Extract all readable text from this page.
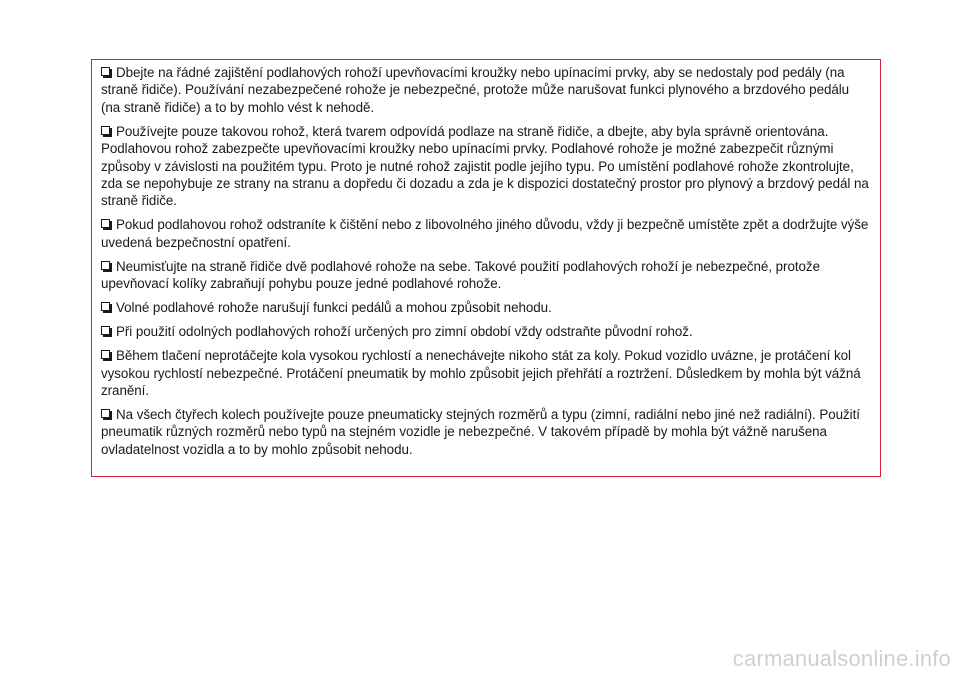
Dbejte na řádné zajištění podlahových rohoží upevňovacími kroužky nebo upínacími prvky, aby se nedostaly pod pedály (na straně řidiče). Používání nezabezpečené rohože je nebezpečné, protože může narušovat funkci plynového a brzdového pedálu (na straně řidiče) a to by mohlo vést k nehodě.

Používejte pouze takovou rohož, která tvarem odpovídá podlaze na straně řidiče, a dbejte, aby byla správně orientována. Podlahovou rohož zabezpečte upevňovacími kroužky nebo upínacími prvky. Podlahové rohože je možné zabezpečit různými způsoby v závislosti na použitém typu. Proto je nutné rohož zajistit podle jejího typu. Po umístění podlahové rohože zkontrolujte, zda se nepohybuje ze strany na stranu a dopředu či dozadu a zda je k dispozici dostatečný prostor pro plynový a brzdový pedál na straně řidiče.

Pokud podlahovou rohož odstraníte k čištění nebo z libovolného jiného důvodu, vždy ji bezpečně umístěte zpět a dodržujte výše uvedená bezpečnostní opatření.

Neumisťujte na straně řidiče dvě podlahové rohože na sebe. Takové použití podlahových rohoží je nebezpečné, protože upevňovací kolíky zabraňují pohybu pouze jedné podlahové rohože.

Volné podlahové rohože narušují funkci pedálů a mohou způsobit nehodu.

Při použití odolných podlahových rohoží určených pro zimní období vždy odstraňte původní rohož.

Během tlačení neprotáčejte kola vysokou rychlostí a nenechávejte nikoho stát za koly. Pokud vozidlo uvázne, je protáčení kol vysokou rychlostí nebezpečné. Protáčení pneumatik by mohlo způsobit jejich přehřátí a roztržení. Důsledkem by mohla být vážná zranění.

Na všech čtyřech kolech používejte pouze pneumaticky stejných rozměrů a typu (zimní, radiální nebo jiné než radiální). Použití pneumatik různých rozměrů nebo typů na stejném vozidle je nebezpečné. V takovém případě by mohla být vážně narušena ovladatelnost vozidla a to by mohlo způsobit nehodu.

carmanualsonline.info
